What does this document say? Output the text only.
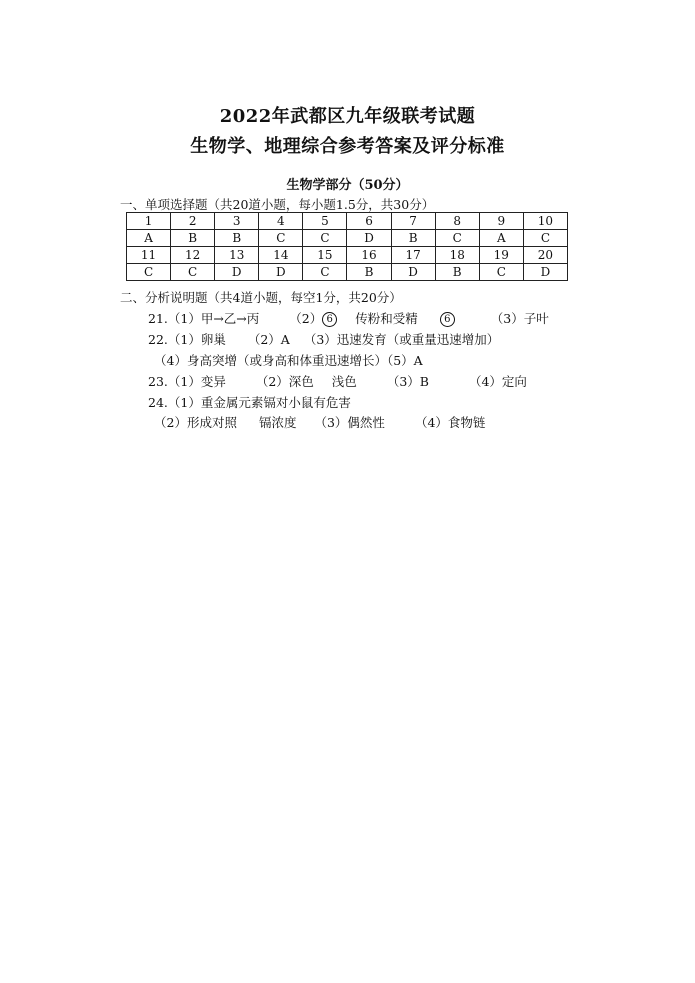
2022年武都区九年级联考试题
生物学、地理综合参考答案及评分标准
生物学部分（50分）
一、单项选择题（共20道小题，每小题1.5分，共30分）
1	2	3	4	5	6	7	8	9	10
A	B	B	C	C	D	B	C	A	C
11	12	13	14	15	16	17	18	19	20
C	C	D	D	C	B	D	B	C	D
二、分析说明题（共4道小题，每空1分，共20分）
21.（1）甲→乙→丙 （2） 6 传粉和受精	6	（3）子叶
22.（1）卵巢 （2）A （3）迅速发育（或重量迅速增加）
（4）身高突增（或身高和体重迅速增长）（5）A
23.（1）变异 （2）深色 浅色 （3）B	（4）定向
24.（1）重金属元素镉对小鼠有危害
（2）形成对照 镉浓度 （3）偶然性 （4）食物链
